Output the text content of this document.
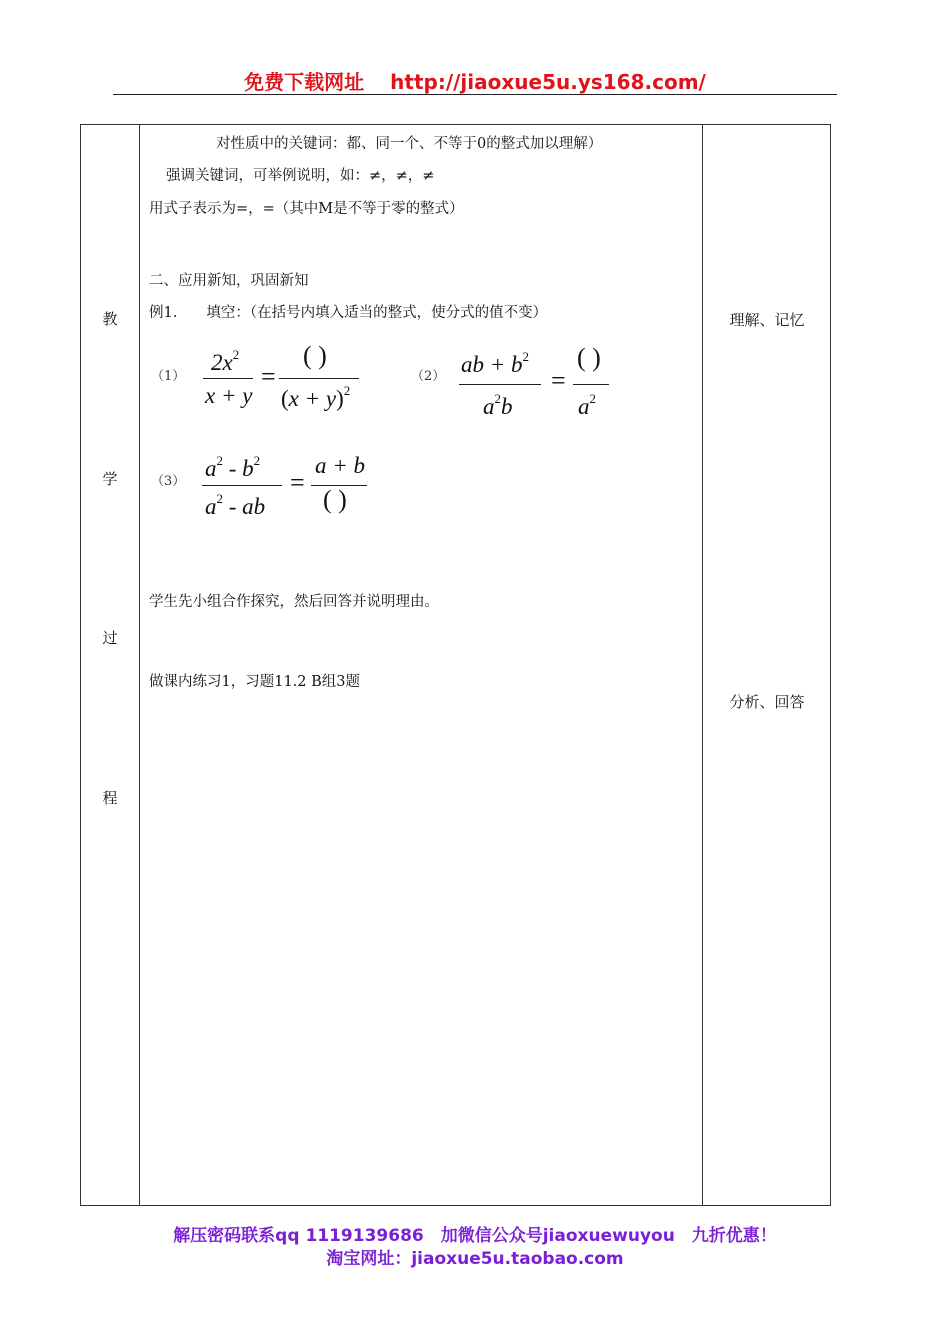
免费下载网址 http://jiaoxue5u.ys168.com/
教
学
过
程
理解、记忆
分析、回答
对性质中的关键词：都、同一个、不等于0的整式加以理解）
强调关键词，可举例说明，如：≠，≠，≠
用式子表示为=，=（其中M是不等于零的整式）
二、应用新知，巩固新知
例1.　　填空：（在括号内填入适当的整式，使分式的值不变）
（1）
$2x^2$
x + y
=
( )
$(x + y)^2$
（2） ab + $b^2$
$a^2b$
=
( )
$a^2$
（3）
$a^2 - b^2$
$a^2$ - ab
=
a + b
( )
学生先小组合作探究，然后回答并说明理由。
做课内练习1，习题11.2 B组3题
解压密码联系qq 1119139686　加微信公众号jiaoxuewuyou　九折优惠！
淘宝网址：jiaoxue5u.taobao.com
